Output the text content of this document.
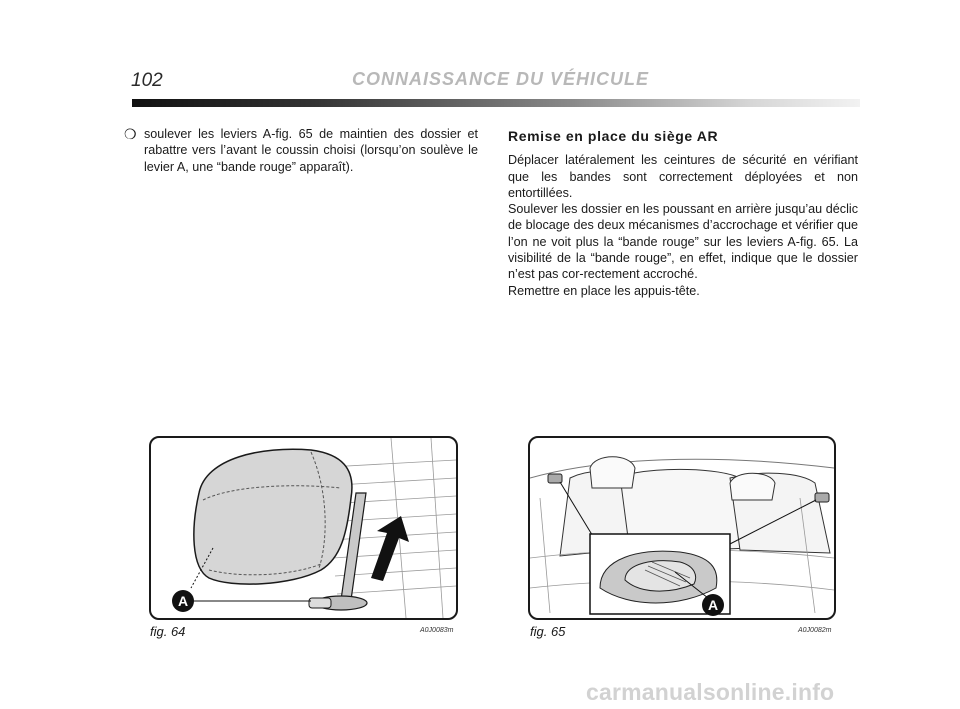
102	CONNAISSANCE DU VÉHICULE
❍ soulever les leviers A-fig. 65 de maintien des dossier et rabattre vers l’avant le coussin choisi (lorsqu’on soulève le levier A, une “bande rouge” apparaît).
Remise en place du siège AR

Déplacer latéralement les ceintures de sécurité en vérifiant que les bandes sont correctement déployées et non entortillées.

Soulever les dossier en les poussant en arrière jusqu’au déclic de blocage des deux mécanismes d’accrochage et vérifier que l’on ne voit plus la “bande rouge” sur les leviers A-fig. 65. La visibilité de la “bande rouge”, en effet, indique que le dossier n’est pas cor-rectement accroché.

Remettre en place les appuis-tête.

A
fig. 64	A0J0083m
A
fig. 65	A0J0082m
carmanualsonline.info
